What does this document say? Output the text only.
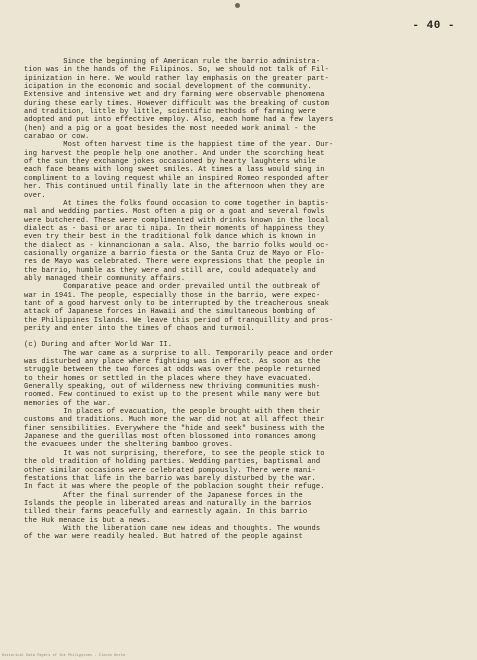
- 40 -
Since the beginning of American rule the barrio administra-
tion was in the hands of the Filipinos. So, we should not talk of Fil-
ipinization in here. We would rather lay emphasis on the greater part-
icipation in the economic and social development of the community.
Extensive and intensive wet and dry farming were observable phenomena
during these early times. However difficult was the breaking of custom
and tradition, little by little, scientific methods of farming were
adopted and put into effective employ. Also, each home had a few layers
(hen) and a pig or a goat besides the most needed work animal - the
carabao or cow.
Most often harvest time is the happiest time of the year. Dur-
ing harvest the people help one another. And under the scorching heat
of the sun they exchange jokes occasioned by hearty laughters while
each face beams with long sweet smiles. At times a lass would sing in
compliment to a loving request while an inspired Romeo responded after
her. This continued until finally late in the afternoon when they are
over.
At times the folks found occasion to come together in baptis-
mal and wedding parties. Most often a pig or a goat and several fowls
were butchered. These were complimented with drinks known in the local
dialect as - basi or arac ti nipa. In their moments of happiness they
even try their best in the traditional folk dance which is known in
the dialect as - kinnancionan a sala. Also, the barrio folks would oc-
casionally organize a barrio fiesta or the Santa Cruz de Mayo or Flo-
res de Mayo was celebrated. There were expressions that the people in
the barrio, humble as they were and still are, could adequately and
ably managed their community affairs.
Comparative peace and order prevailed until the outbreak of
war in 1941. The people, especially those in the barrio, were expec-
tant of a good harvest only to be interrupted by the treacherous sneak
attack of Japanese forces in Hawaii and the simultaneous bombing of
the Philippines Islands. We leave this period of tranquillity and pros-
perity and enter into the times of chaos and turmoil.
(c) During and after World War II.
The war came as a surprise to all. Temporarily peace and order
was disturbed any place where fighting was in effect. As soon as the
struggle between the two forces at odds was over the people returned
to their homes or settled in the places where they have evacuated.
Generally speaking, out of wilderness new thriving communities mush-
roomed. Few continued to exist up to the present while many were but
memories of the war.
In places of evacuation, the people brought with them their
customs and traditions. Much more the war did not at all affect their
finer sensibilities. Everywhere the "hide and seek" business with the
Japanese and the guerillas most often blossomed into romances among
the evacuees under the sheltering bamboo groves.
It was not surprising, therefore, to see the people stick to
the old tradition of holding parties. Wedding parties, baptismal and
other similar occasions were celebrated pompously. There were mani-
festations that life in the barrio was barely disturbed by the war.
In fact it was where the people of the poblacion sought their refuge.
After the final surrender of the Japanese forces in the
Islands the people in liberated areas and naturally in the barrios
tilled their farms peacefully and earnestly again. In this barrio
the Huk menace is but a news.
With the liberation came new ideas and thoughts. The wounds
of the war were readily healed. But hatred of the people against
Historical Data Papers of the Philippines - Ilocos Norte
